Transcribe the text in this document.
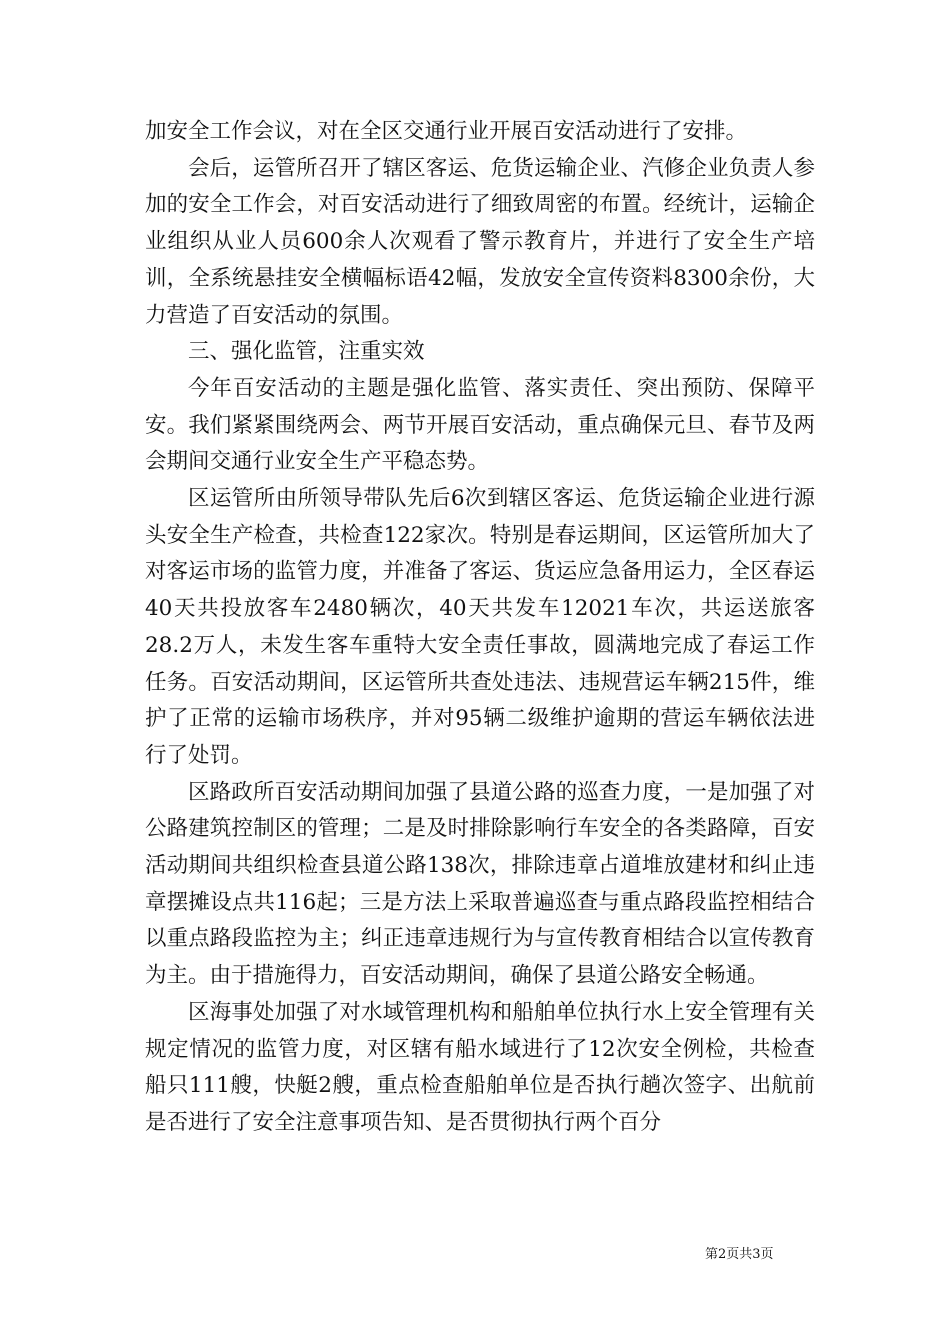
加安全工作会议，对在全区交通行业开展百安活动进行了安排。

会后，运管所召开了辖区客运、危货运输企业、汽修企业负责人参加的安全工作会，对百安活动进行了细致周密的布置。经统计，运输企业组织从业人员600余人次观看了警示教育片，并进行了安全生产培训，全系统悬挂安全横幅标语42幅，发放安全宣传资料8300余份，大力营造了百安活动的氛围。

三、强化监管，注重实效

今年百安活动的主题是强化监管、落实责任、突出预防、保障平安。我们紧紧围绕两会、两节开展百安活动，重点确保元旦、春节及两会期间交通行业安全生产平稳态势。

区运管所由所领导带队先后6次到辖区客运、危货运输企业进行源头安全生产检查，共检查122家次。特别是春运期间，区运管所加大了对客运市场的监管力度，并准备了客运、货运应急备用运力，全区春运40天共投放客车2480辆次，40天共发车12021车次，共运送旅客28.2万人，未发生客车重特大安全责任事故，圆满地完成了春运工作任务。百安活动期间，区运管所共查处违法、违规营运车辆215件，维护了正常的运输市场秩序，并对95辆二级维护逾期的营运车辆依法进行了处罚。

区路政所百安活动期间加强了县道公路的巡查力度，一是加强了对公路建筑控制区的管理；二是及时排除影响行车安全的各类路障，百安活动期间共组织检查县道公路138次，排除违章占道堆放建材和纠止违章摆摊设点共116起；三是方法上采取普遍巡查与重点路段监控相结合以重点路段监控为主；纠正违章违规行为与宣传教育相结合以宣传教育为主。由于措施得力，百安活动期间，确保了县道公路安全畅通。

区海事处加强了对水域管理机构和船舶单位执行水上安全管理有关规定情况的监管力度，对区辖有船水域进行了12次安全例检，共检查船只111艘，快艇2艘，重点检查船舶单位是否执行趟次签字、出航前是否进行了安全注意事项告知、是否贯彻执行两个百分

第2页共3页
